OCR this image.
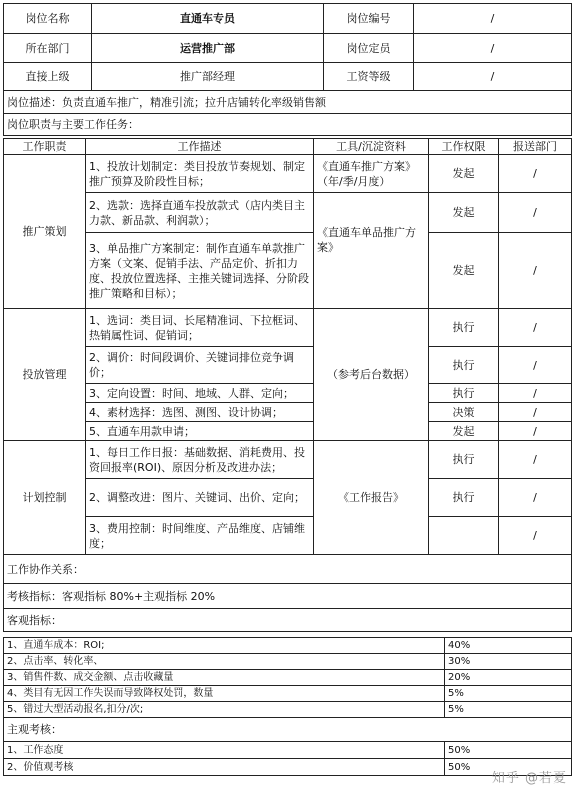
岗位名称	直通车专员	岗位编号	/
所在部门	运营推广部	岗位定员	/
直接上级	推广部经理	工资等级	/
岗位描述：负责直通车推广，精准引流；拉升店铺转化率级销售额			
岗位职责与主要工作任务：			
工作职责	工作描述	工具/沉淀资料	工作权限	报送部门
推广策划	1、投放计划制定：类目投放节奏规划、制定推广预算及阶段性目标；	《直通车推广方案》（年/季/月度）	发起	/
	2、选款：选择直通车投放款式（店内类目主力款、新品款、利润款）；	《直通车单品推广方案》	发起	/
	3、单品推广方案制定：制作直通车单款推广方案（文案、促销手法、产品定价、折扣力度、投放位置选择、主推关键词选择、分阶段推广策略和目标）；		发起	/
投放管理	1、选词：类目词、长尾精准词、下拉框词、热销属性词、促销词；	（参考后台数据）	执行	/
	2、调价：时间段调价、关键词排位竞争调价；		执行	/
	3、定向设置：时间、地域、人群、定向；		执行	/
	4、素材选择：选图、测图、设计协调；		决策	/
	5、直通车用款申请；		发起	/
计划控制	1、每日工作日报：基础数据、消耗费用、投资回报率(ROI)、原因分析及改进办法；	《工作报告》	执行	/
	2、调整改进：图片、关键词、出价、定向；		执行	/
	3、费用控制：时间维度、产品维度、店铺维度；			/
工作协作关系：				
考核指标：客观指标 80%+主观指标 20%				
客观指标：				
1、直通车成本：ROI;	40%
2、点击率、转化率、	30%
3、销售件数、成交金额、点击收藏量	20%
4、类目有无因工作失误而导致降权处罚，数量	5%
5、错过大型活动报名,扣分/次;	5%
主观考核：	
1、工作态度	50%
2、价值观考核	50%
知乎 @若夏
